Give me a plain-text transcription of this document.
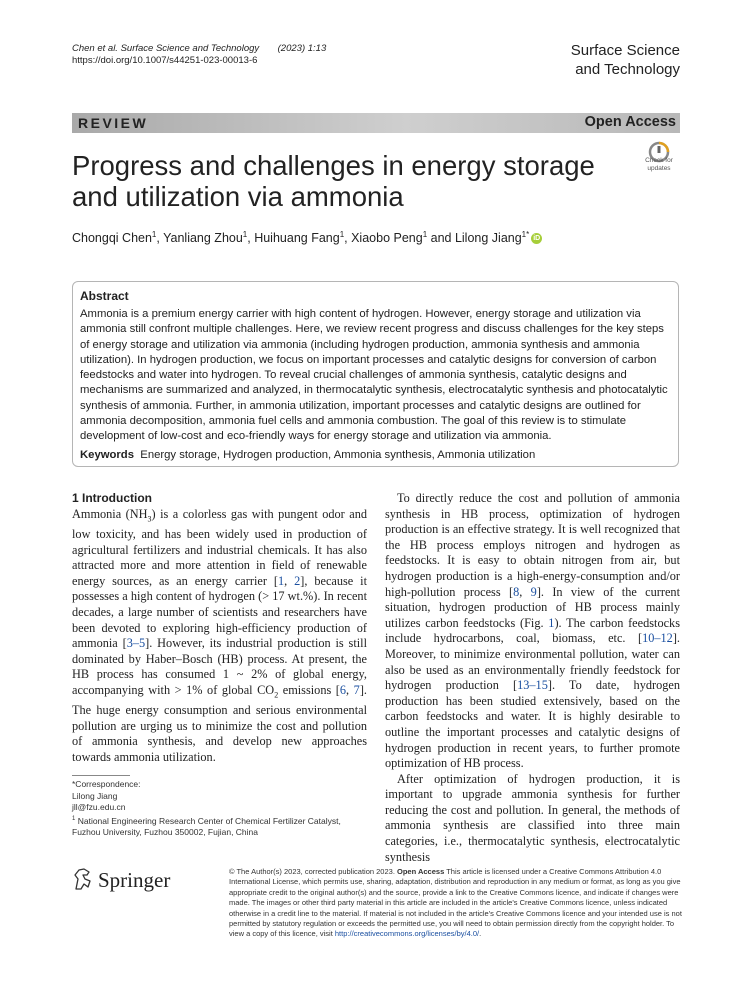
Chen et al. Surface Science and Technology (2023) 1:13
https://doi.org/10.1007/s44251-023-00013-6
Surface Science
and Technology
REVIEW	Open Access
Check for
updates
Progress and challenges in energy storage and utilization via ammonia
Chongqi Chen$^1$, Yanliang Zhou$^1$, Huihuang Fang$^1$, Xiaobo Peng$^1$ and Lilong Jiang$^{1*}$ iD
Abstract
Ammonia is a premium energy carrier with high content of hydrogen. However, energy storage and utilization via ammonia still confront multiple challenges. Here, we review recent progress and discuss challenges for the key steps of energy storage and utilization via ammonia (including hydrogen production, ammonia synthesis and ammonia utilization). In hydrogen production, we focus on important processes and catalytic designs for conversion of carbon feedstocks and water into hydrogen. To reveal crucial challenges of ammonia synthesis, catalytic designs and mechanisms are summarized and analyzed, in thermocatalytic synthesis, electrocatalytic synthesis and photocatalytic synthesis of ammonia. Further, in ammonia utilization, important processes and catalytic designs are outlined for ammonia decomposition, ammonia fuel cells and ammonia combustion. The goal of this review is to stimulate development of low-cost and eco-friendly ways for energy storage and utilization via ammonia.
Keywords Energy storage, Hydrogen production, Ammonia synthesis, Ammonia utilization
1 Introduction
Ammonia $(NH_3)$ is a colorless gas with pungent odor and low toxicity, and has been widely used in production of agricultural fertilizers and industrial chemicals. It has also attracted more and more attention in field of renewable energy sources, as an energy carrier [1, 2], because it possesses a high content of hydrogen (> 17 wt.%). In recent decades, a large number of scientists and researchers have been devoted to exploring high-efficiency production of ammonia [3–5]. However, its industrial production is still dominated by Haber–Bosch (HB) process. At present, the HB process has consumed 1 ~ 2% of global energy, accompanying with > 1% of global $CO_2$ emissions [6, 7]. The huge energy consumption and serious environmental pollution are urging us to minimize the cost and pollution of ammonia synthesis, and develop new approaches towards ammonia utilization.
To directly reduce the cost and pollution of ammonia synthesis in HB process, optimization of hydrogen production is an effective strategy. It is well recognized that the HB process employs nitrogen and hydrogen as feedstocks. It is easy to obtain nitrogen from air, but hydrogen production is a high-energy-consumption and/or high-pollution process [8, 9]. In view of the current situation, hydrogen production of HB process mainly utilizes carbon feedstocks (Fig. 1). The carbon feedstocks include hydrocarbons, coal, biomass, etc. [10–12]. Moreover, to minimize environmental pollution, water can also be used as an environmentally friendly feedstock for hydrogen production [13–15]. To date, hydrogen production has been studied extensively, based on the carbon feedstocks and water. It is highly desirable to outline the important processes and catalytic designs of hydrogen production in recent years, to further promote optimization of HB process.
After optimization of hydrogen production, it is important to upgrade ammonia synthesis for further reducing the cost and pollution. In general, the methods of ammonia synthesis are classified into three main categories, i.e., thermocatalytic synthesis, electrocatalytic synthesis
*Correspondence:
Lilong Jiang
jll@fzu.edu.cn
$^1$ National Engineering Research Center of Chemical Fertilizer Catalyst,
Fuzhou University, Fuzhou 350002, Fujian, China
Springer	© The Author(s) 2023, corrected publication 2023. Open Access This article is licensed under a Creative Commons Attribution 4.0 International License, which permits use, sharing, adaptation, distribution and reproduction in any medium or format, as long as you give appropriate credit to the original author(s) and the source, provide a link to the Creative Commons licence, and indicate if changes were made. The images or other third party material in this article are included in the article's Creative Commons licence, unless indicated otherwise in a credit line to the material. If material is not included in the article's Creative Commons licence and your intended use is not permitted by statutory regulation or exceeds the permitted use, you will need to obtain permission directly from the copyright holder. To view a copy of this licence, visit http://creativecommons.org/licenses/by/4.0/.
